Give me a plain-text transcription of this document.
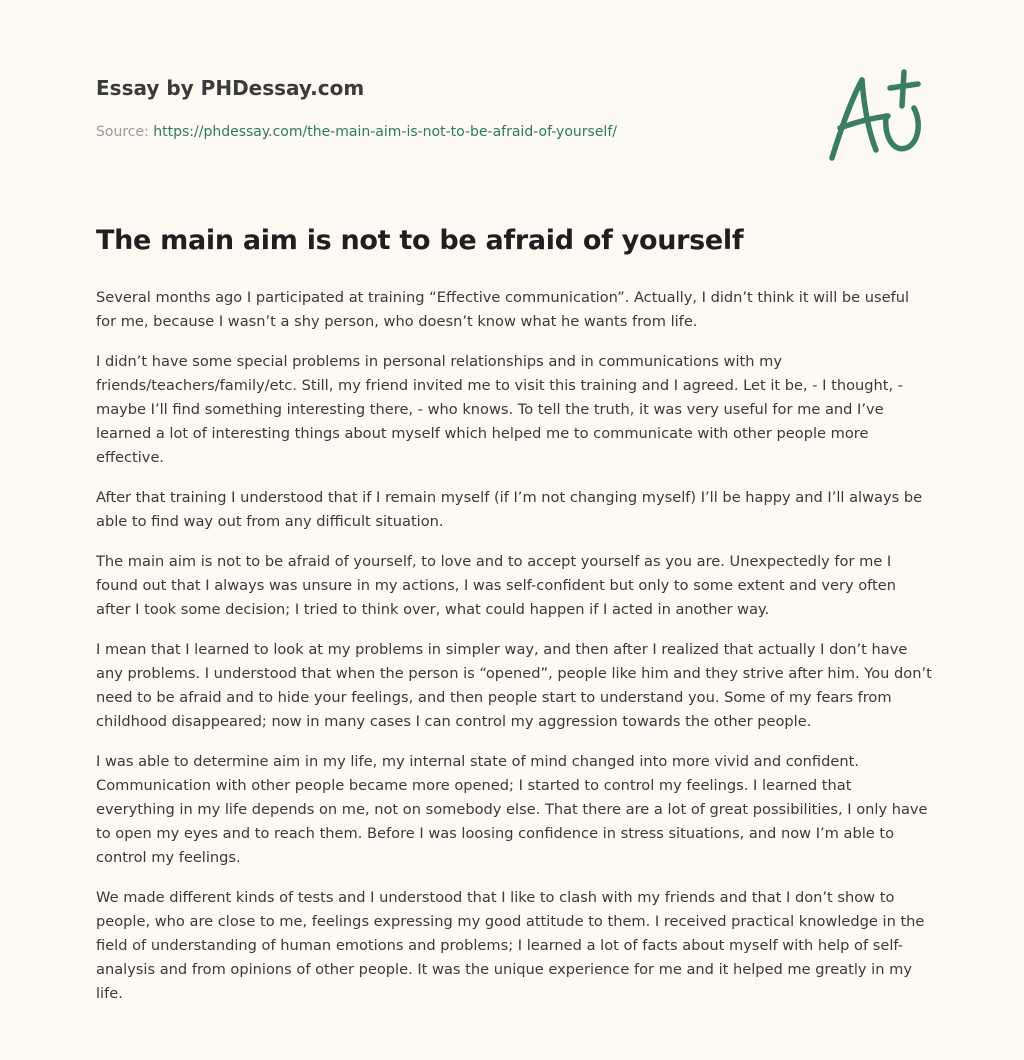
Essay by PHDessay.com
Source: https://phdessay.com/the-main-aim-is-not-to-be-afraid-of-yourself/
The main aim is not to be afraid of yourself

Several months ago I participated at training “Effective communication”. Actually, I didn’t think it will be useful for me, because I wasn’t a shy person, who doesn’t know what he wants from life.

I didn’t have some special problems in personal relationships and in communications with my friends/teachers/family/etc. Still, my friend invited me to visit this training and I agreed. Let it be, - I thought, - maybe I’ll find something interesting there, - who knows. To tell the truth, it was very useful for me and I’ve learned a lot of interesting things about myself which helped me to communicate with other people more effective.

After that training I understood that if I remain myself (if I’m not changing myself) I’ll be happy and I’ll always be able to find way out from any difficult situation.

The main aim is not to be afraid of yourself, to love and to accept yourself as you are. Unexpectedly for me I found out that I always was unsure in my actions, I was self-confident but only to some extent and very often after I took some decision; I tried to think over, what could happen if I acted in another way.

I mean that I learned to look at my problems in simpler way, and then after I realized that actually I don’t have any problems. I understood that when the person is “opened”, people like him and they strive after him. You don’t need to be afraid and to hide your feelings, and then people start to understand you. Some of my fears from childhood disappeared; now in many cases I can control my aggression towards the other people.

I was able to determine aim in my life, my internal state of mind changed into more vivid and confident. Communication with other people became more opened; I started to control my feelings. I learned that everything in my life depends on me, not on somebody else. That there are a lot of great possibilities, I only have to open my eyes and to reach them. Before I was loosing confidence in stress situations, and now I’m able to control my feelings.

We made different kinds of tests and I understood that I like to clash with my friends and that I don’t show to people, who are close to me, feelings expressing my good attitude to them. I received practical knowledge in the field of understanding of human emotions and problems; I learned a lot of facts about myself with help of self-analysis and from opinions of other people. It was the unique experience for me and it helped me greatly in my life.
